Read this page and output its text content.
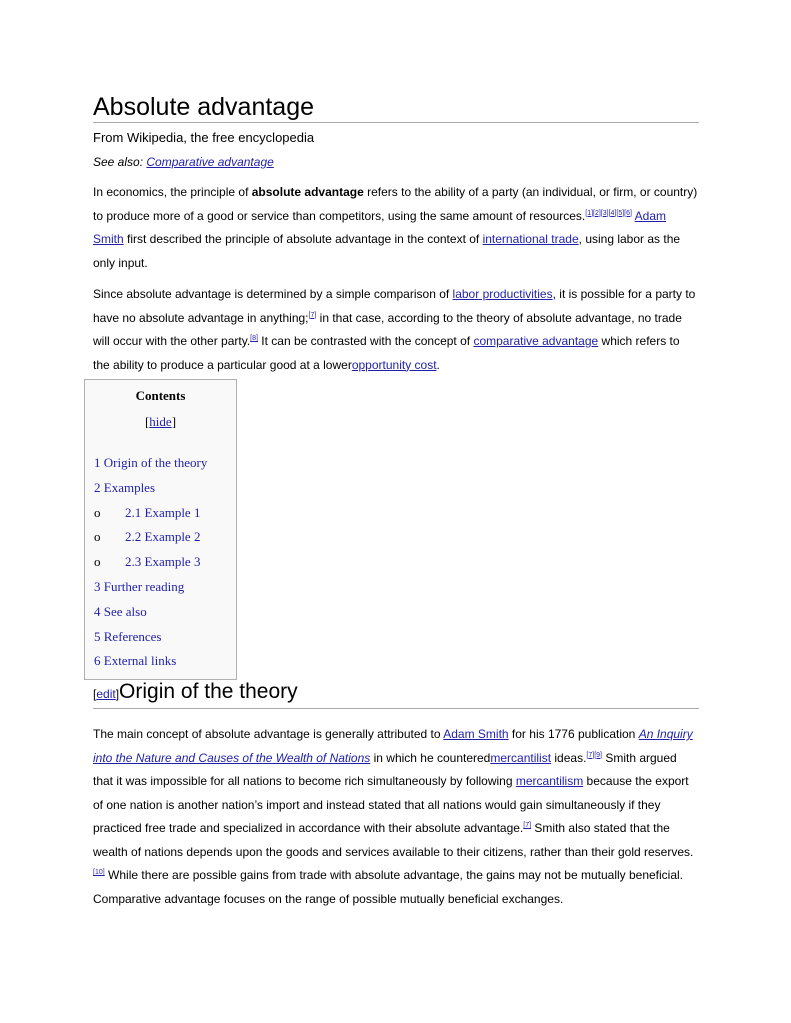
Absolute advantage
From Wikipedia, the free encyclopedia
See also: Comparative advantage

In economics, the principle of absolute advantage refers to the ability of a party (an individual, or firm, or country) to produce more of a good or service than competitors, using the same amount of resources.[1][2][3][4][5][6] Adam Smith first described the principle of absolute advantage in the context of international trade, using labor as the only input.

Since absolute advantage is determined by a simple comparison of labor productivities, it is possible for a party to have no absolute advantage in anything;[7] in that case, according to the theory of absolute advantage, no trade will occur with the other party.[8] It can be contrasted with the concept of comparative advantage which refers to the ability to produce a particular good at a loweropportunity cost.

Contents
[hide]
1 Origin of the theory
2 Examples
o 2.1 Example 1
o 2.2 Example 2
o 2.3 Example 3
3 Further reading
4 See also
5 References
6 External links
[edit]Origin of the theory

The main concept of absolute advantage is generally attributed to Adam Smith for his 1776 publication An Inquiry into the Nature and Causes of the Wealth of Nations in which he counteredmercantilist ideas.[7][9] Smith argued that it was impossible for all nations to become rich simultaneously by following mercantilism because the export of one nation is another nation’s import and instead stated that all nations would gain simultaneously if they practiced free trade and specialized in accordance with their absolute advantage.[7] Smith also stated that the wealth of nations depends upon the goods and services available to their citizens, rather than their gold reserves.[10] While there are possible gains from trade with absolute advantage, the gains may not be mutually beneficial. Comparative advantage focuses on the range of possible mutually beneficial exchanges.
